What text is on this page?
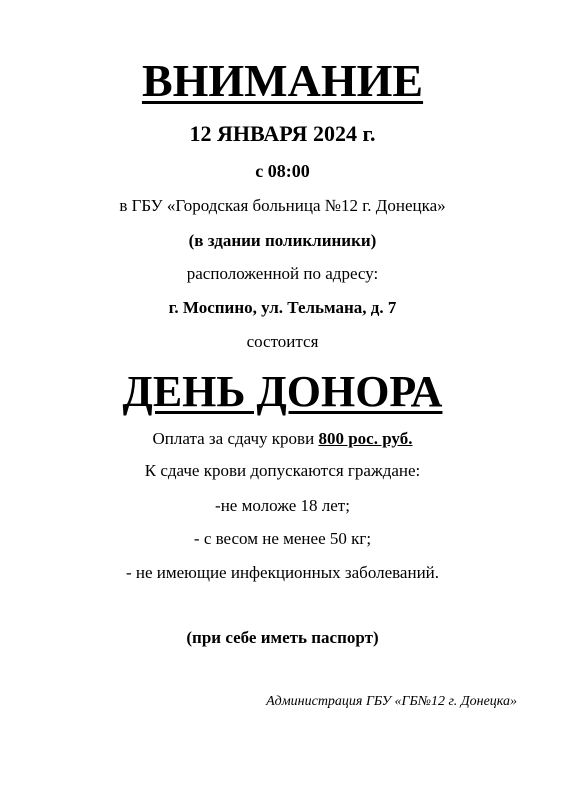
ВНИМАНИЕ
12 ЯНВАРЯ 2024 г.
с 08:00
в ГБУ «Городская больница №12 г. Донецка»
(в здании поликлиники)
расположенной по адресу:
г. Моспино, ул. Тельмана, д. 7
состоится
ДЕНЬ ДОНОРА
Оплата за сдачу крови 800 рос. руб.
К сдаче крови допускаются граждане:
-не моложе 18 лет;
- с весом не менее 50 кг;
- не имеющие инфекционных заболеваний.
(при себе иметь паспорт)
Администрация ГБУ «ГБ№12 г. Донецка»
